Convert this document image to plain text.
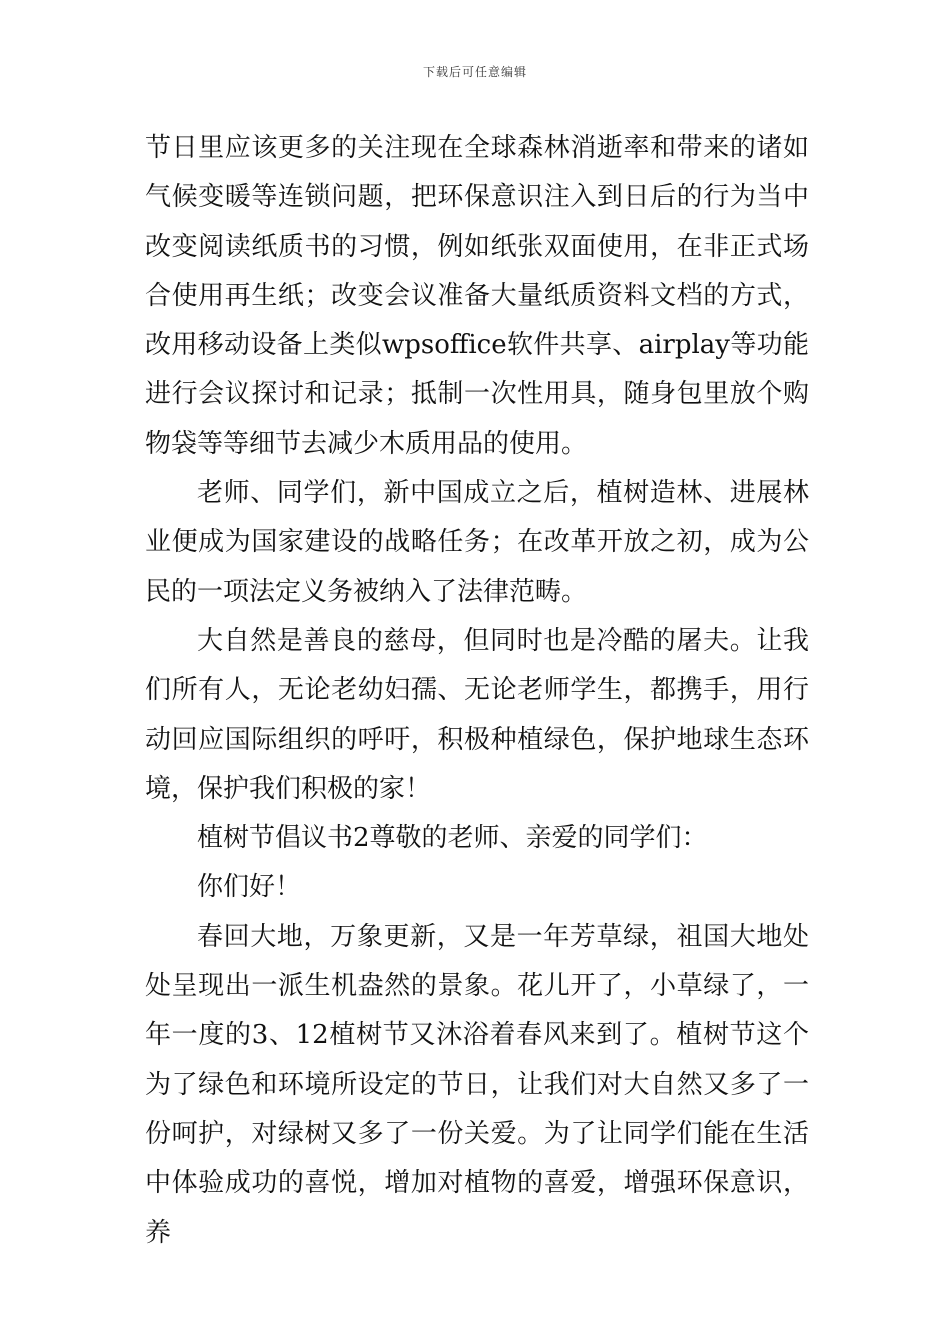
下载后可任意编辑

节日里应该更多的关注现在全球森林消逝率和带来的诸如气候变暖等连锁问题，把环保意识注入到日后的行为当中改变阅读纸质书的习惯，例如纸张双面使用，在非正式场合使用再生纸；改变会议准备大量纸质资料文档的方式，改用移动设备上类似wpsoffice软件共享、airplay等功能进行会议探讨和记录；抵制一次性用具，随身包里放个购物袋等等细节去减少木质用品的使用。

老师、同学们，新中国成立之后，植树造林、进展林业便成为国家建设的战略任务；在改革开放之初，成为公民的一项法定义务被纳入了法律范畴。

大自然是善良的慈母，但同时也是冷酷的屠夫。让我们所有人，无论老幼妇孺、无论老师学生，都携手，用行动回应国际组织的呼吁，积极种植绿色，保护地球生态环境，保护我们积极的家！

植树节倡议书2尊敬的老师、亲爱的同学们：

你们好！

春回大地，万象更新，又是一年芳草绿，祖国大地处处呈现出一派生机盎然的景象。花儿开了，小草绿了，一年一度的3、12植树节又沐浴着春风来到了。植树节这个为了绿色和环境所设定的节日，让我们对大自然又多了一份呵护，对绿树又多了一份关爱。为了让同学们能在生活中体验成功的喜悦，增加对植物的喜爱，增强环保意识，养
